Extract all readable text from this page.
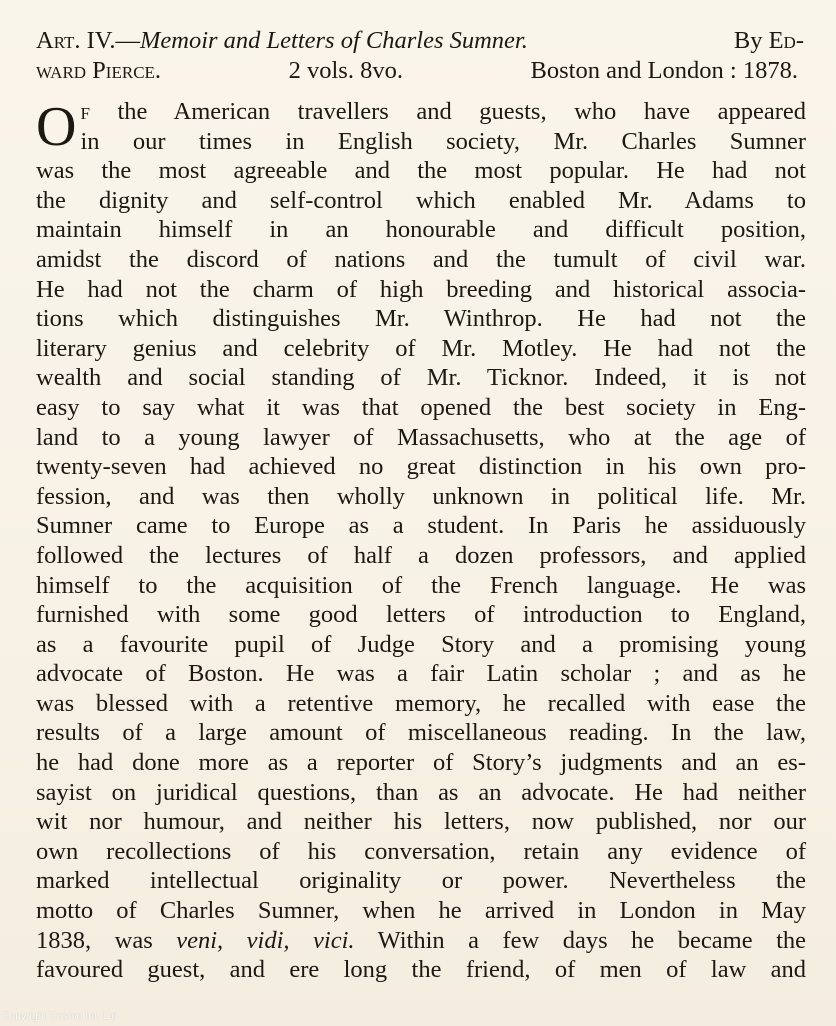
Art. IV.—Memoir and Letters of Charles Sumner.	By Ed-
ward Pierce.	2 vols. 8vo.	Boston and London : 1878.
O f the American travellers and guests, who have appeared
in our times in English society, Mr. Charles Sumner
was the most agreeable and the most popular. He had not
the dignity and self-control which enabled Mr. Adams to
maintain himself in an honourable and difficult position,
amidst the discord of nations and the tumult of civil war.
He had not the charm of high breeding and historical associa-
tions which distinguishes Mr. Winthrop. He had not the
literary genius and celebrity of Mr. Motley. He had not the
wealth and social standing of Mr. Ticknor. Indeed, it is not
easy to say what it was that opened the best society in Eng-
land to a young lawyer of Massachusetts, who at the age of
twenty-seven had achieved no great distinction in his own pro-
fession, and was then wholly unknown in political life. Mr.
Sumner came to Europe as a student. In Paris he assiduously
followed the lectures of half a dozen professors, and applied
himself to the acquisition of the French language. He was
furnished with some good letters of introduction to England,
as a favourite pupil of Judge Story and a promising young
advocate of Boston. He was a fair Latin scholar ; and as he
was blessed with a retentive memory, he recalled with ease the
results of a large amount of miscellaneous reading. In the law,
he had done more as a reporter of Story’s judgments and an es-
sayist on juridical questions, than as an advocate. He had neither
wit nor humour, and neither his letters, now published, nor our
own recollections of his conversation, retain any evidence of
marked intellectual originality or power. Nevertheless the
motto of Charles Sumner, when he arrived in London in May
1838, was veni, vidi, vici. Within a few days he became the
favoured guest, and ere long the friend, of men of law and
Copyright Cosmo Int. Ltd
